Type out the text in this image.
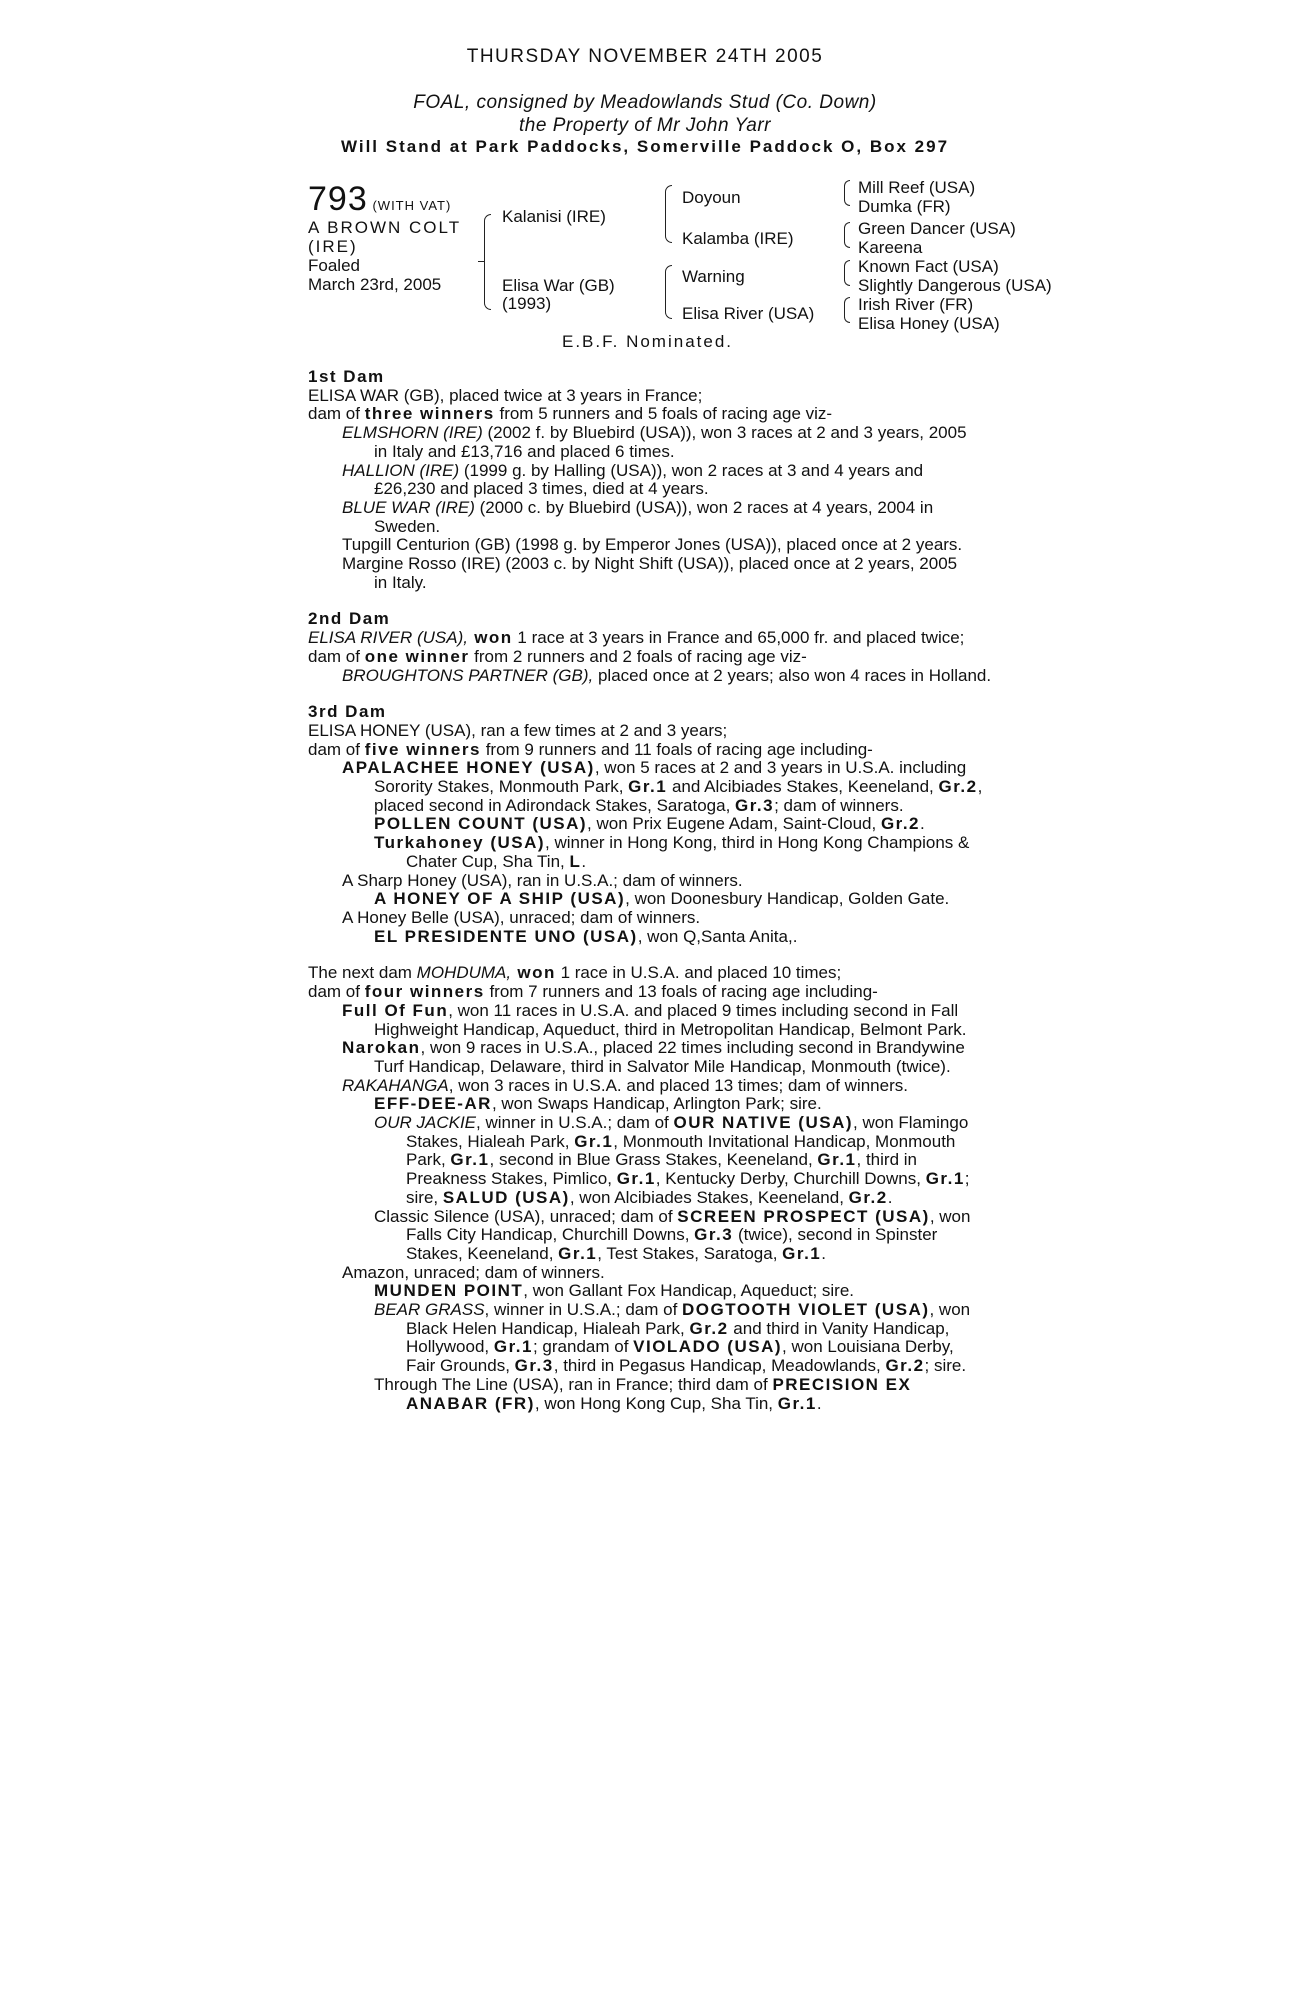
THURSDAY NOVEMBER 24TH 2005
FOAL, consigned by Meadowlands Stud (Co. Down)
the Property of Mr John Yarr
Will Stand at Park Paddocks, Somerville Paddock O, Box 297
793 (WITH VAT)
A BROWN COLT
(IRE)
Foaled
March 23rd, 2005
Kalanisi (IRE)
Elisa War (GB)
(1993)
Doyoun
Kalamba (IRE)
Warning
Elisa River (USA)
Mill Reef (USA)
Dumka (FR)
Green Dancer (USA)
Kareena
Known Fact (USA)
Slightly Dangerous (USA)
Irish River (FR)
Elisa Honey (USA)
E.B.F. Nominated.
1st Dam
ELISA WAR (GB), placed twice at 3 years in France;
dam of three winners from 5 runners and 5 foals of racing age viz-
ELMSHORN (IRE) (2002 f. by Bluebird (USA)), won 3 races at 2 and 3 years, 2005
in Italy and £13,716 and placed 6 times.
HALLION (IRE) (1999 g. by Halling (USA)), won 2 races at 3 and 4 years and
£26,230 and placed 3 times, died at 4 years.
BLUE WAR (IRE) (2000 c. by Bluebird (USA)), won 2 races at 4 years, 2004 in
Sweden.
Tupgill Centurion (GB) (1998 g. by Emperor Jones (USA)), placed once at 2 years.
Margine Rosso (IRE) (2003 c. by Night Shift (USA)), placed once at 2 years, 2005
in Italy.
2nd Dam
ELISA RIVER (USA), won 1 race at 3 years in France and 65,000 fr. and placed twice;
dam of one winner from 2 runners and 2 foals of racing age viz-
BROUGHTONS PARTNER (GB), placed once at 2 years; also won 4 races in Holland.
3rd Dam
ELISA HONEY (USA), ran a few times at 2 and 3 years;
dam of five winners from 9 runners and 11 foals of racing age including-
APALACHEE HONEY (USA), won 5 races at 2 and 3 years in U.S.A. including
Sorority Stakes, Monmouth Park, Gr.1 and Alcibiades Stakes, Keeneland, Gr.2,
placed second in Adirondack Stakes, Saratoga, Gr.3; dam of winners.
POLLEN COUNT (USA), won Prix Eugene Adam, Saint-Cloud, Gr.2.
Turkahoney (USA), winner in Hong Kong, third in Hong Kong Champions &
Chater Cup, Sha Tin, L.
A Sharp Honey (USA), ran in U.S.A.; dam of winners.
A HONEY OF A SHIP (USA), won Doonesbury Handicap, Golden Gate.
A Honey Belle (USA), unraced; dam of winners.
EL PRESIDENTE UNO (USA), won Q,Santa Anita,.
The next dam MOHDUMA, won 1 race in U.S.A. and placed 10 times;
dam of four winners from 7 runners and 13 foals of racing age including-
Full Of Fun, won 11 races in U.S.A. and placed 9 times including second in Fall
Highweight Handicap, Aqueduct, third in Metropolitan Handicap, Belmont Park.
Narokan, won 9 races in U.S.A., placed 22 times including second in Brandywine
Turf Handicap, Delaware, third in Salvator Mile Handicap, Monmouth (twice).
RAKAHANGA, won 3 races in U.S.A. and placed 13 times; dam of winners.
EFF-DEE-AR, won Swaps Handicap, Arlington Park; sire.
OUR JACKIE, winner in U.S.A.; dam of OUR NATIVE (USA), won Flamingo
Stakes, Hialeah Park, Gr.1, Monmouth Invitational Handicap, Monmouth
Park, Gr.1, second in Blue Grass Stakes, Keeneland, Gr.1, third in
Preakness Stakes, Pimlico, Gr.1, Kentucky Derby, Churchill Downs, Gr.1;
sire, SALUD (USA), won Alcibiades Stakes, Keeneland, Gr.2.
Classic Silence (USA), unraced; dam of SCREEN PROSPECT (USA), won
Falls City Handicap, Churchill Downs, Gr.3 (twice), second in Spinster
Stakes, Keeneland, Gr.1, Test Stakes, Saratoga, Gr.1.
Amazon, unraced; dam of winners.
MUNDEN POINT, won Gallant Fox Handicap, Aqueduct; sire.
BEAR GRASS, winner in U.S.A.; dam of DOGTOOTH VIOLET (USA), won
Black Helen Handicap, Hialeah Park, Gr.2 and third in Vanity Handicap,
Hollywood, Gr.1; grandam of VIOLADO (USA), won Louisiana Derby,
Fair Grounds, Gr.3, third in Pegasus Handicap, Meadowlands, Gr.2; sire.
Through The Line (USA), ran in France; third dam of PRECISION EX
ANABAR (FR), won Hong Kong Cup, Sha Tin, Gr.1.
